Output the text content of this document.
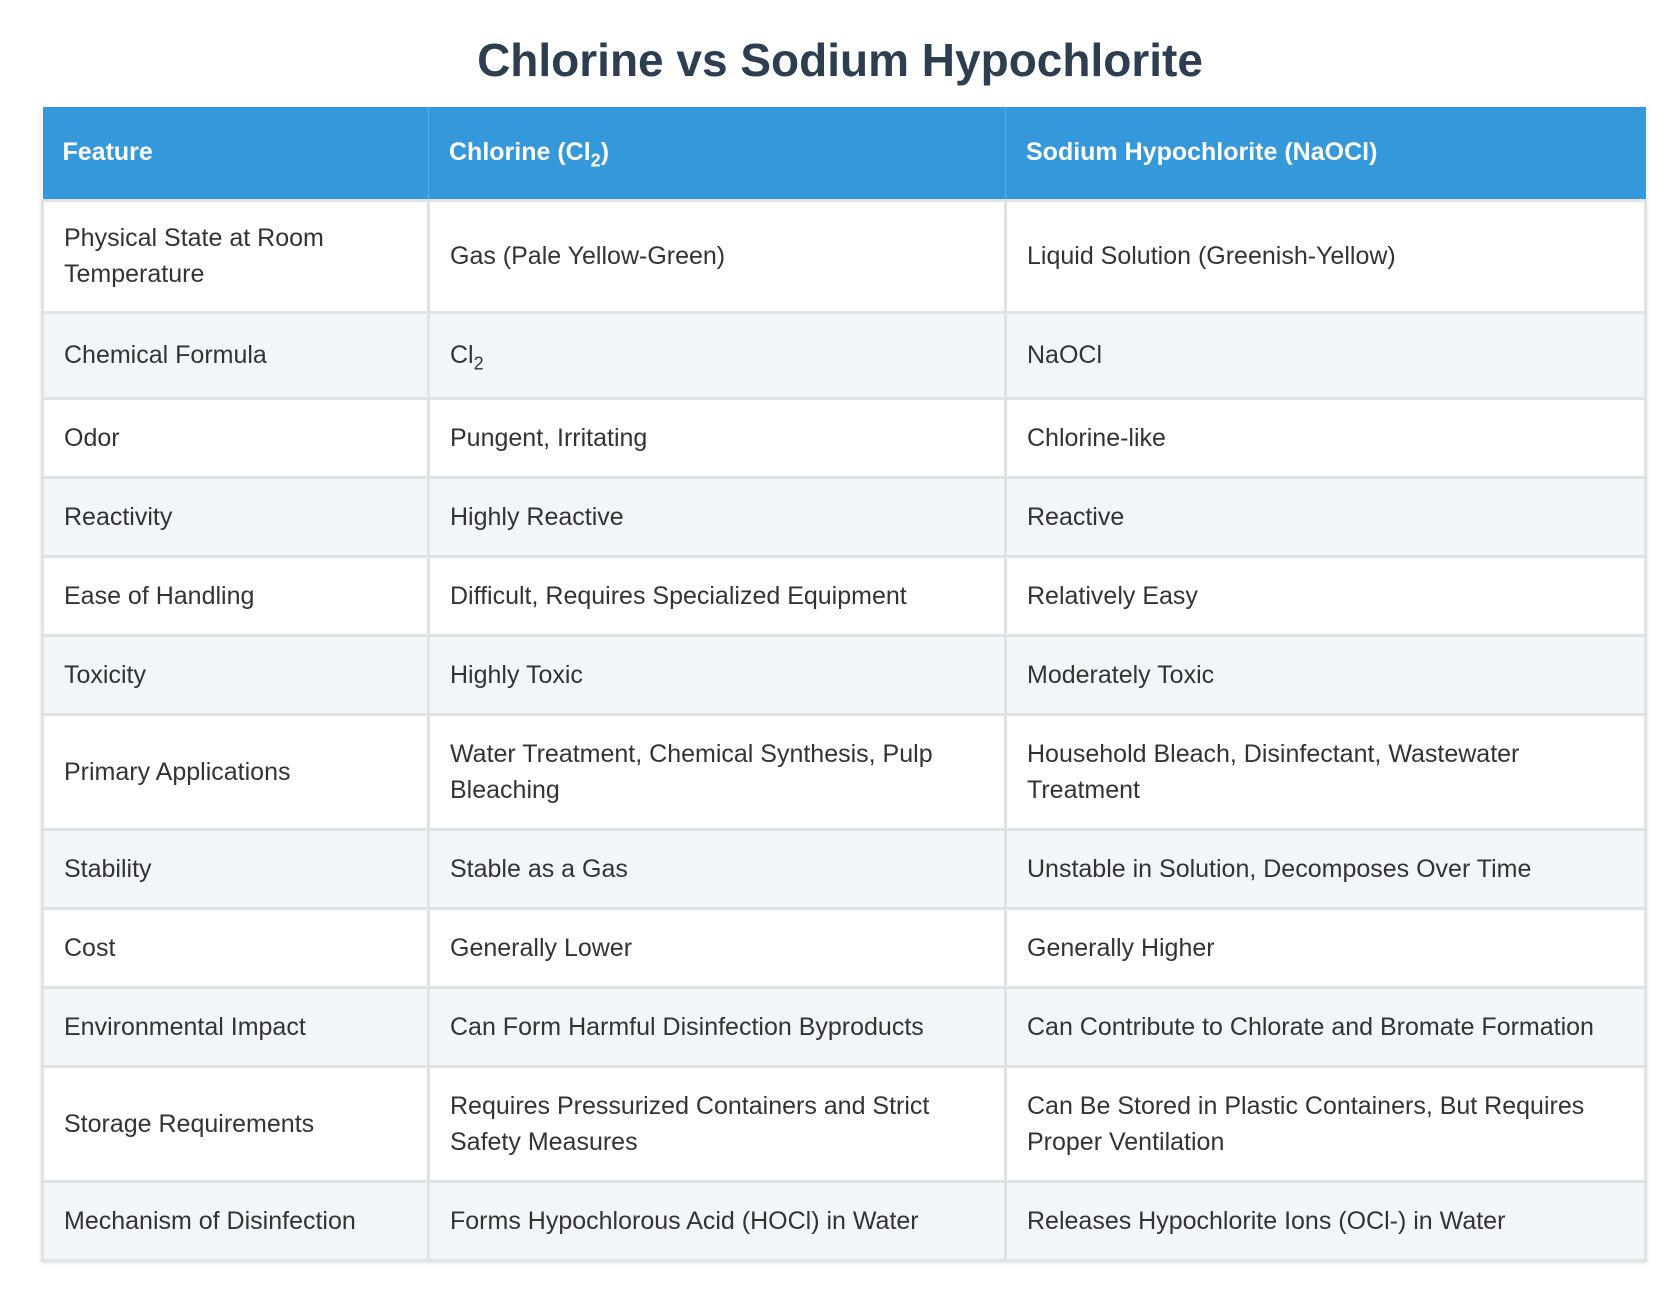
Chlorine vs Sodium Hypochlorite
Feature	Chlorine $(Cl_2)$	Sodium Hypochlorite (NaOCl)
Physical State at Room Temperature	Gas (Pale Yellow-Green)	Liquid Solution (Greenish-Yellow)
Chemical Formula	$Cl_2$	NaOCl
Odor	Pungent, Irritating	Chlorine-like
Reactivity	Highly Reactive	Reactive
Ease of Handling	Difficult, Requires Specialized Equipment	Relatively Easy
Toxicity	Highly Toxic	Moderately Toxic
Primary Applications	Water Treatment, Chemical Synthesis, Pulp Bleaching	Household Bleach, Disinfectant, Wastewater Treatment
Stability	Stable as a Gas	Unstable in Solution, Decomposes Over Time
Cost	Generally Lower	Generally Higher
Environmental Impact	Can Form Harmful Disinfection Byproducts	Can Contribute to Chlorate and Bromate Formation
Storage Requirements	Requires Pressurized Containers and Strict Safety Measures	Can Be Stored in Plastic Containers, But Requires Proper Ventilation
Mechanism of Disinfection	Forms Hypochlorous Acid (HOCl) in Water	Releases Hypochlorite Ions (OCl-) in Water
